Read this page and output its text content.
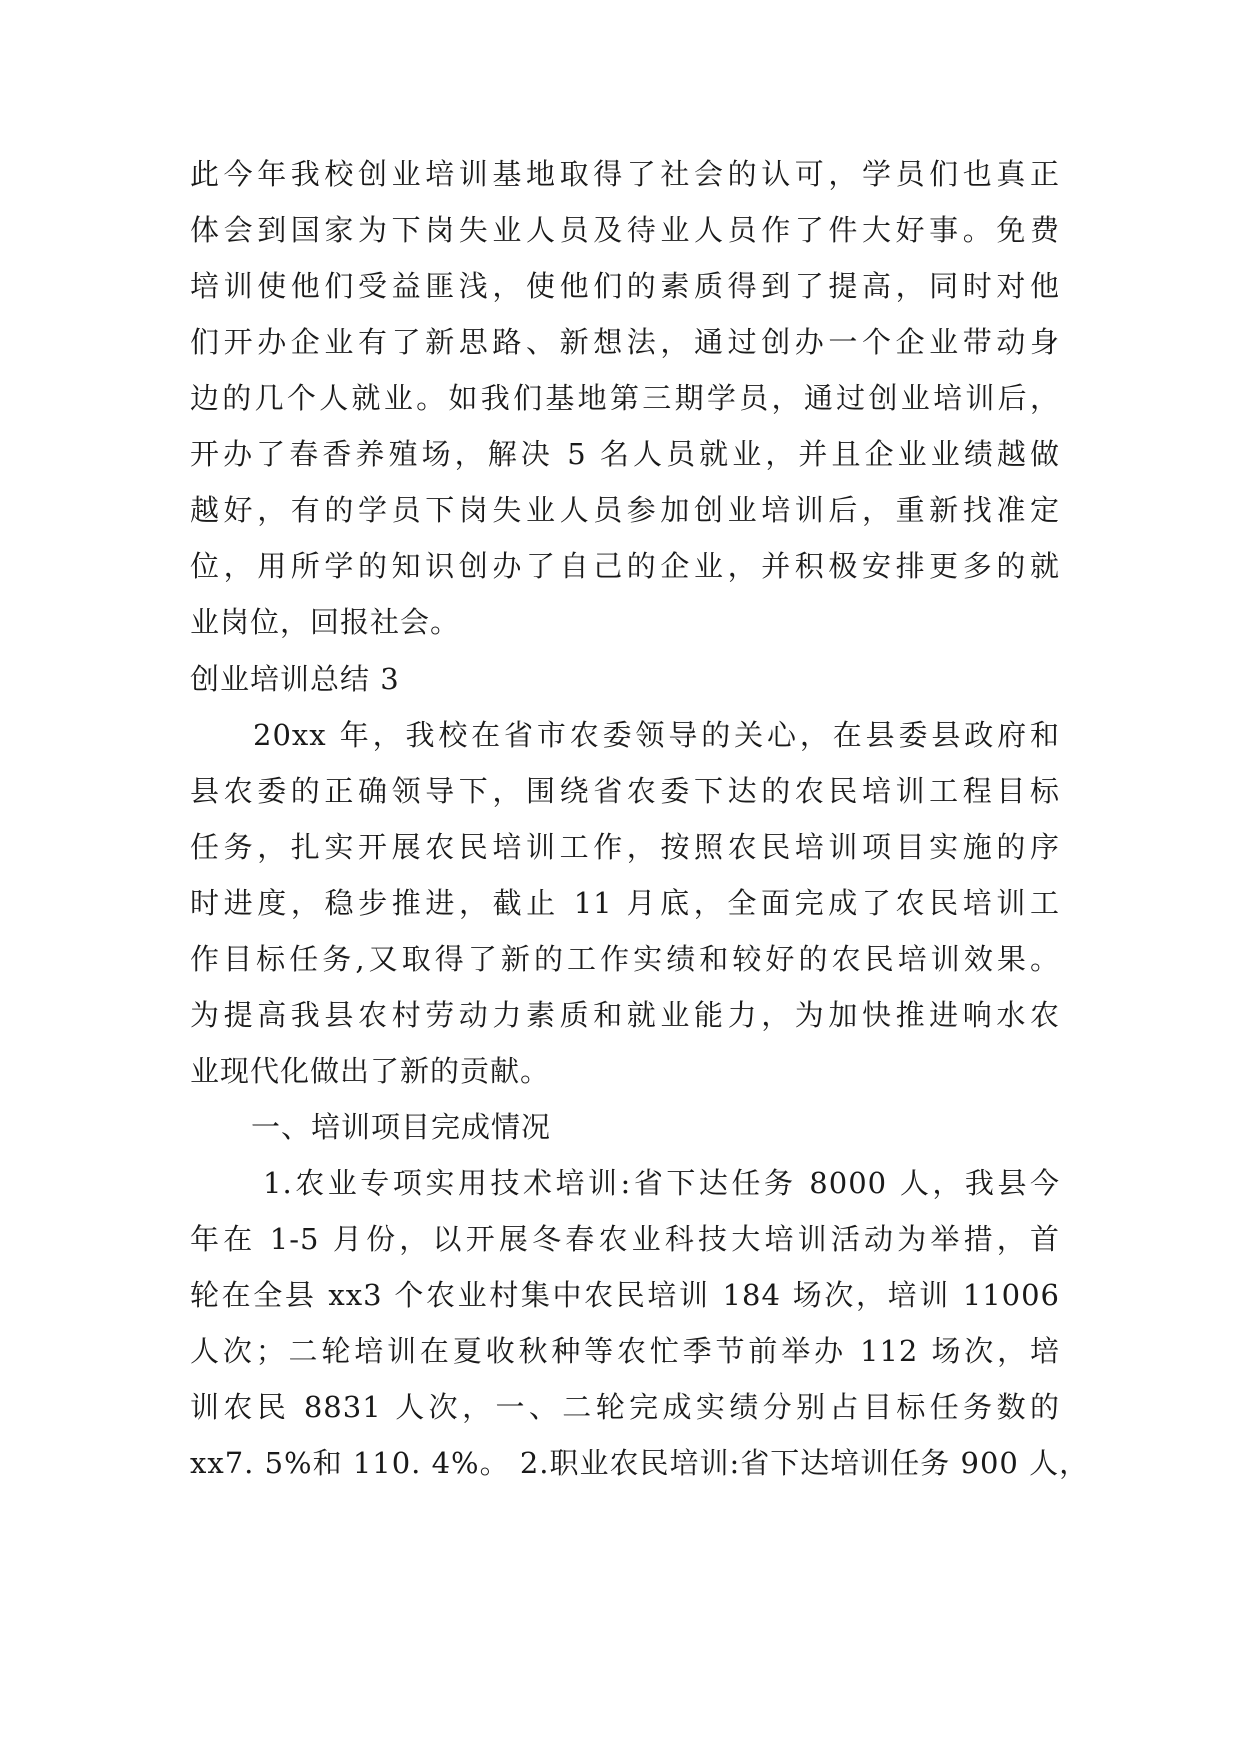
此今年我校创业培训基地取得了社会的认可，学员们也真正
体会到国家为下岗失业人员及待业人员作了件大好事。免费
培训使他们受益匪浅，使他们的素质得到了提高，同时对他
们开办企业有了新思路、新想法，通过创办一个企业带动身
边的几个人就业。如我们基地第三期学员，通过创业培训后，
开办了春香养殖场，解决 5 名人员就业，并且企业业绩越做
越好，有的学员下岗失业人员参加创业培训后，重新找准定
位，用所学的知识创办了自己的企业，并积极安排更多的就
业岗位，回报社会。
创业培训总结 3
20xx 年，我校在省市农委领导的关心，在县委县政府和
县农委的正确领导下，围绕省农委下达的农民培训工程目标
任务，扎实开展农民培训工作，按照农民培训项目实施的序
时进度，稳步推进，截止 11 月底，全面完成了农民培训工
作目标任务,又取得了新的工作实绩和较好的农民培训效果。
为提高我县农村劳动力素质和就业能力，为加快推进响水农
业现代化做出了新的贡献。
一、培训项目完成情况
1.农业专项实用技术培训:省下达任务 8000 人，我县今
年在 1-5 月份，以开展冬春农业科技大培训活动为举措，首
轮在全县 xx3 个农业村集中农民培训 184 场次，培训 11006
人次；二轮培训在夏收秋种等农忙季节前举办 112 场次，培
训农民 8831 人次，一、二轮完成实绩分别占目标任务数的
xx7. 5%和 110. 4%。 2.职业农民培训:省下达培训任务 900 人，
